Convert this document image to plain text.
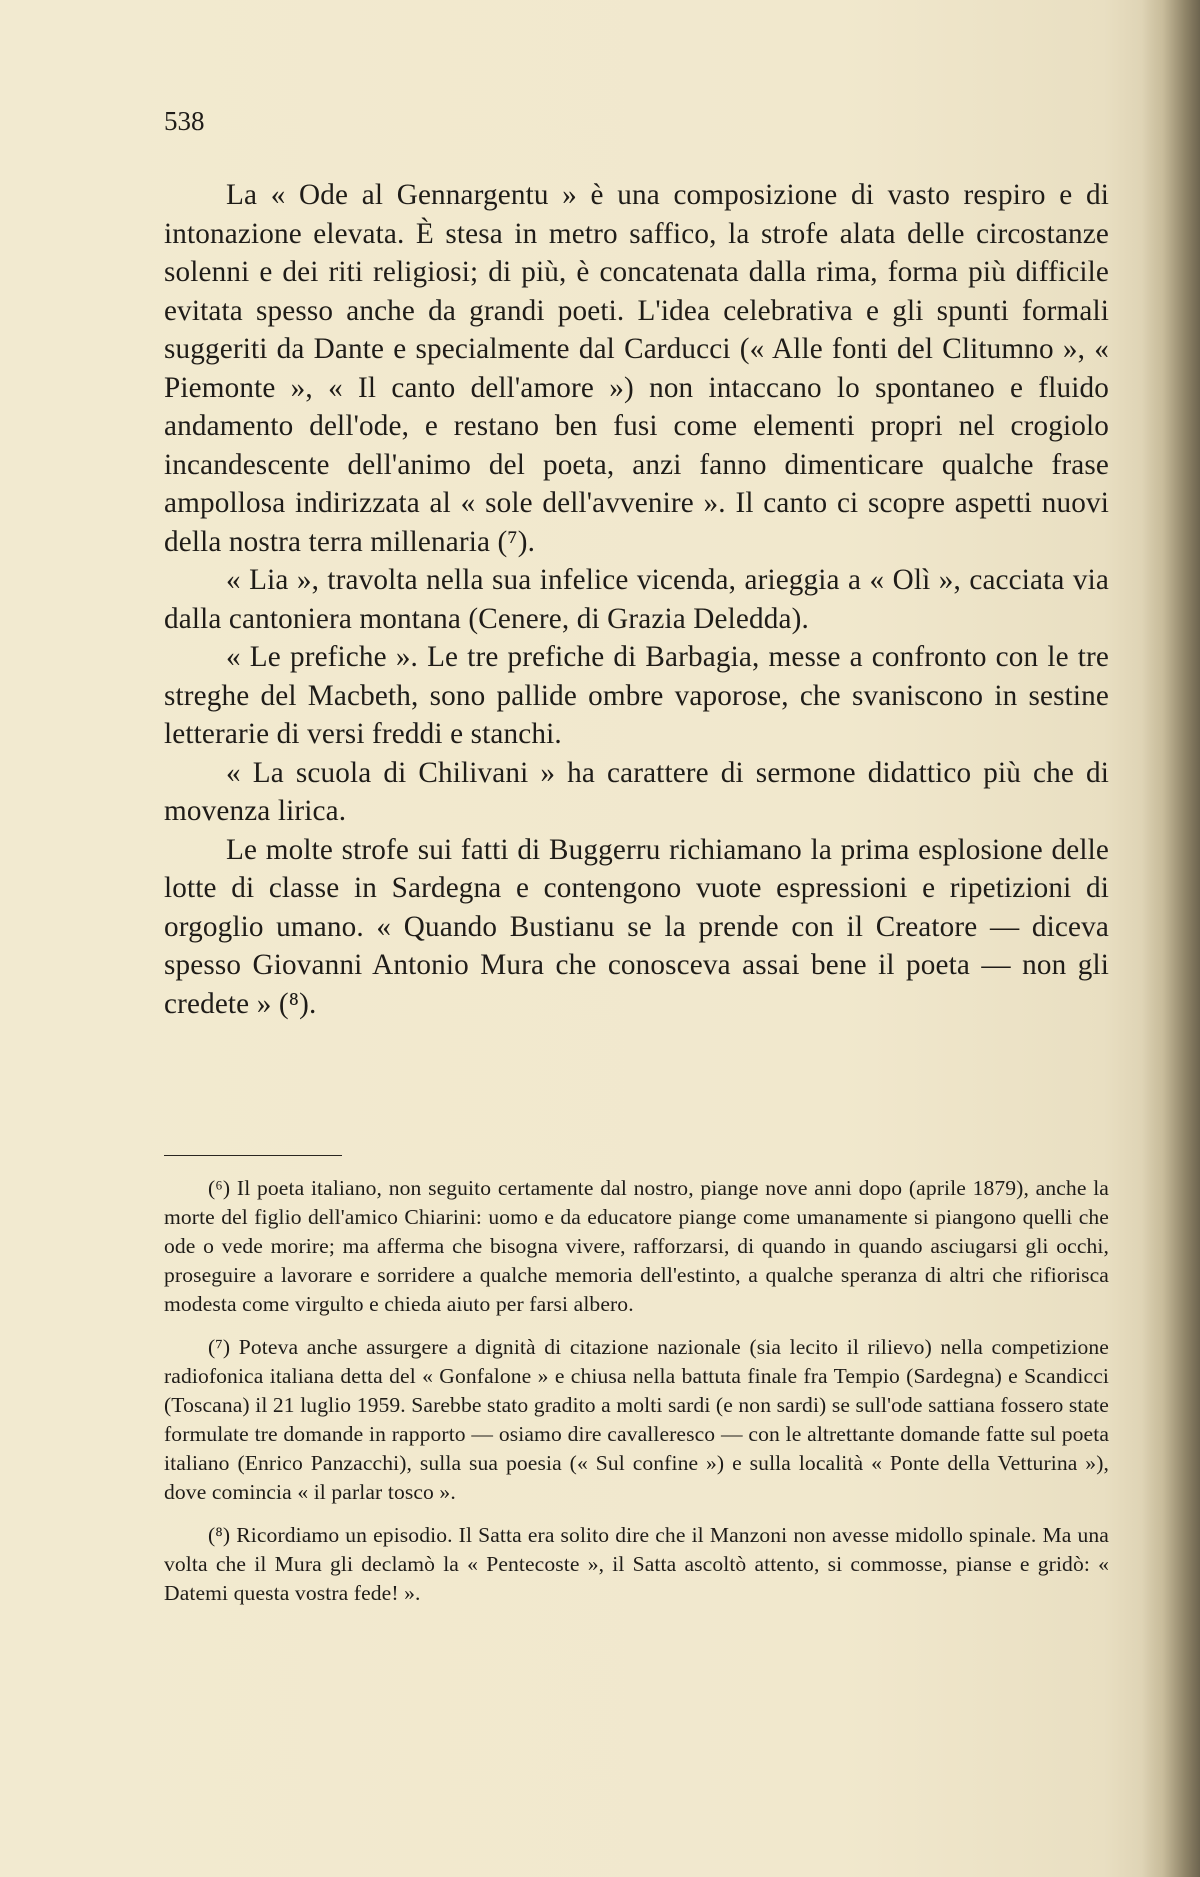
538

La « Ode al Gennargentu » è una composizione di vasto respiro e di intonazione elevata. È stesa in metro saffico, la strofe alata delle circostanze solenni e dei riti religiosi; di più, è concatenata dalla rima, forma più difficile evitata spesso anche da grandi poeti. L'idea celebrativa e gli spunti formali suggeriti da Dante e specialmente dal Carducci (« Alle fonti del Clitumno », « Piemonte », « Il canto dell'amore ») non intaccano lo spontaneo e fluido andamento dell'ode, e restano ben fusi come elementi propri nel crogiolo incandescente dell'animo del poeta, anzi fanno dimenticare qualche frase ampollosa indirizzata al « sole dell'avvenire ». Il canto ci scopre aspetti nuovi della nostra terra millenaria (⁷).

« Lia », travolta nella sua infelice vicenda, arieggia a « Olì », cacciata via dalla cantoniera montana (Cenere, di Grazia Deledda).

« Le prefiche ». Le tre prefiche di Barbagia, messe a confronto con le tre streghe del Macbeth, sono pallide ombre vaporose, che svaniscono in sestine letterarie di versi freddi e stanchi.

« La scuola di Chilivani » ha carattere di sermone didattico più che di movenza lirica.

Le molte strofe sui fatti di Buggerru richiamano la prima esplosione delle lotte di classe in Sardegna e contengono vuote espressioni e ripetizioni di orgoglio umano. « Quando Bustianu se la prende con il Creatore — diceva spesso Giovanni Antonio Mura che conosceva assai bene il poeta — non gli credete » (⁸).

(⁶) Il poeta italiano, non seguito certamente dal nostro, piange nove anni dopo (aprile 1879), anche la morte del figlio dell'amico Chiarini: uomo e da educatore piange come umanamente si piangono quelli che ode o vede morire; ma afferma che bisogna vivere, rafforzarsi, di quando in quando asciugarsi gli occhi, proseguire a lavorare e sorridere a qualche memoria dell'estinto, a qualche speranza di altri che rifiorisca modesta come virgulto e chieda aiuto per farsi albero.

(⁷) Poteva anche assurgere a dignità di citazione nazionale (sia lecito il rilievo) nella competizione radiofonica italiana detta del « Gonfalone » e chiusa nella battuta finale fra Tempio (Sardegna) e Scandicci (Toscana) il 21 luglio 1959. Sarebbe stato gradito a molti sardi (e non sardi) se sull'ode sattiana fossero state formulate tre domande in rapporto — osiamo dire cavalleresco — con le altrettante domande fatte sul poeta italiano (Enrico Panzacchi), sulla sua poesia (« Sul confine ») e sulla località « Ponte della Vetturina »), dove comincia « il parlar tosco ».

(⁸) Ricordiamo un episodio. Il Satta era solito dire che il Manzoni non avesse midollo spinale. Ma una volta che il Mura gli declamò la « Pentecoste », il Satta ascoltò attento, si commosse, pianse e gridò: « Datemi questa vostra fede! ».
